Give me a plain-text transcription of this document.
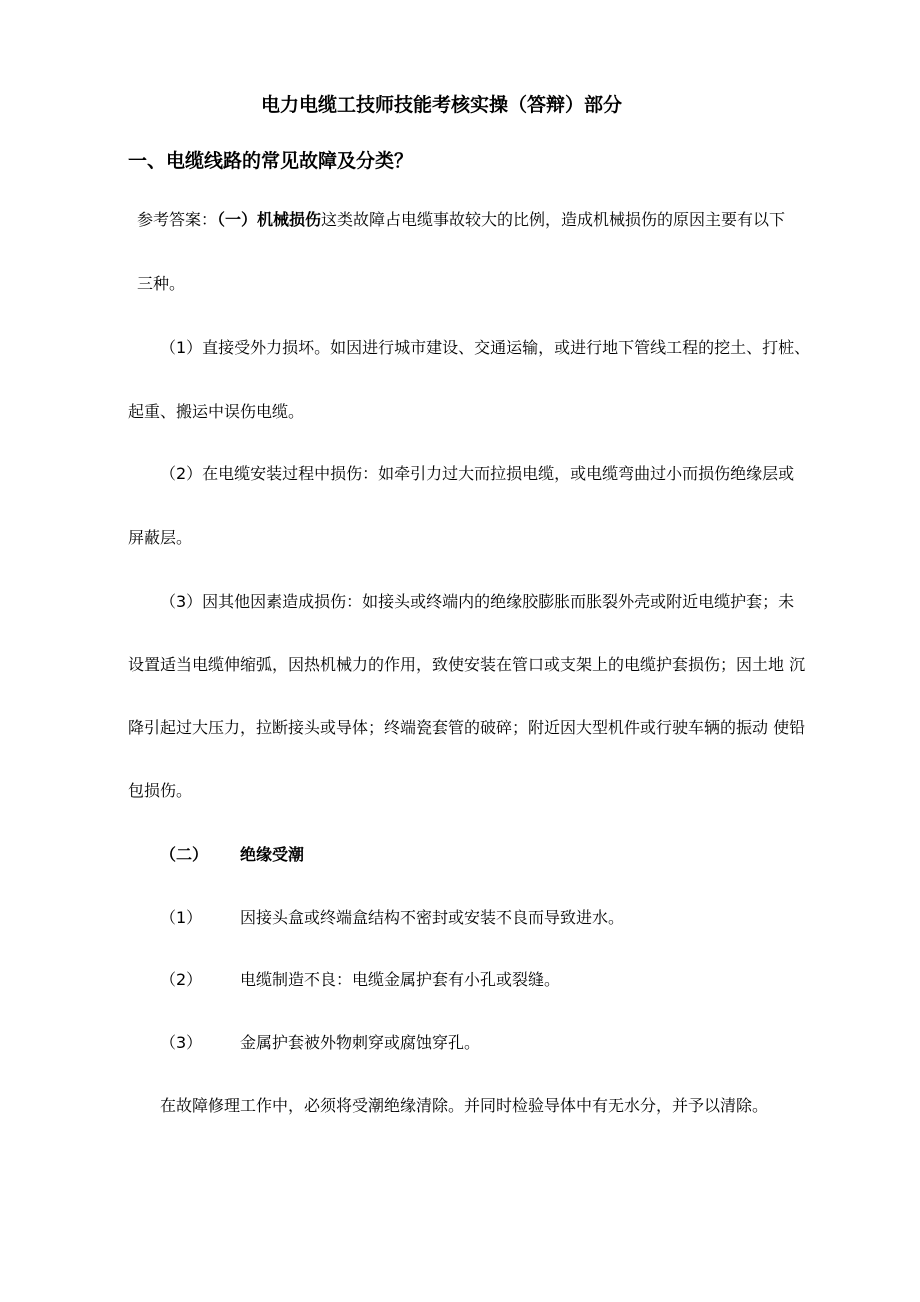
电力电缆工技师技能考核实操（答辩）部分
一、电缆线路的常见故障及分类？
参考答案：（一）机械损伤这类故障占电缆事故较大的比例，造成机械损伤的原因主要有以下
三种。
（1）直接受外力损坏。如因进行城市建设、交通运输，或进行地下管线工程的挖土、打桩、
起重、搬运中误伤电缆。
（2）在电缆安装过程中损伤：如牵引力过大而拉损电缆，或电缆弯曲过小而损伤绝缘层或
屏蔽层。
（3）因其他因素造成损伤：如接头或终端内的绝缘胶膨胀而胀裂外壳或附近电缆护套；未
设置适当电缆伸缩弧，因热机械力的作用，致使安装在管口或支架上的电缆护套损伤；因土地 沉
降引起过大压力，拉断接头或导体；终端瓷套管的破碎；附近因大型机件或行驶车辆的振动 使铅
包损伤。
（二） 绝缘受潮
（1） 因接头盒或终端盒结构不密封或安装不良而导致进水。
（2） 电缆制造不良：电缆金属护套有小孔或裂缝。
（3） 金属护套被外物刺穿或腐蚀穿孔。
在故障修理工作中，必须将受潮绝缘清除。并同时检验导体中有无水分，并予以清除。
